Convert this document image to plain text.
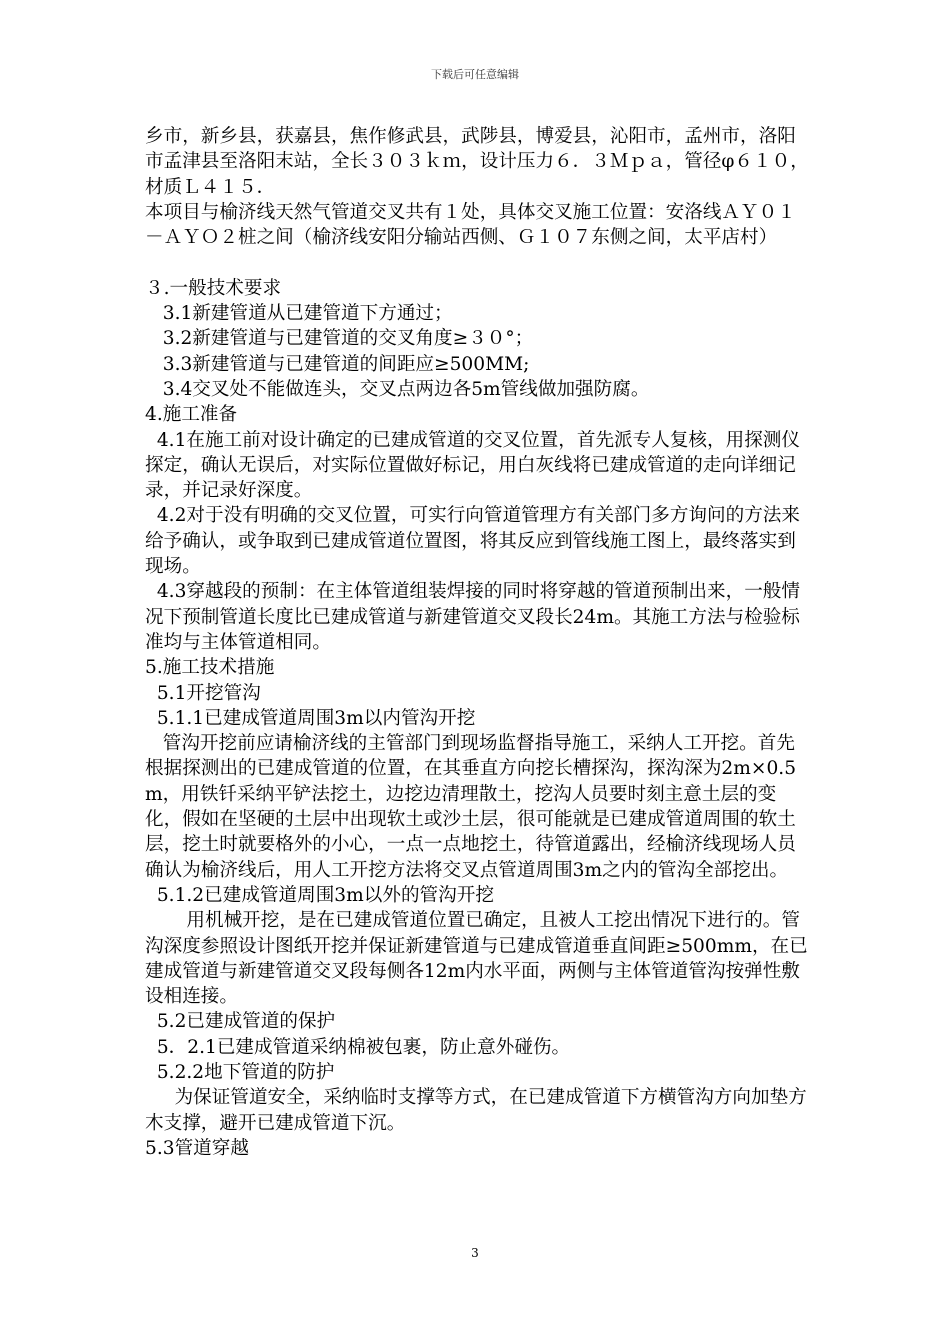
下载后可任意编辑

乡市，新乡县，获嘉县，焦作修武县，武陟县，博爱县，沁阳市，孟州市，洛阳市孟津县至洛阳末站，全长３０３ｋｍ，设计压力６．３Ｍｐａ，管径φ６１０，材质Ｌ４１５．

本项目与榆济线天然气管道交叉共有１处，具体交叉施工位置：安洛线ＡＹ０１－ＡＹＯ２桩之间（榆济线安阳分输站西侧、Ｇ１０７东侧之间，太平店村）

３.一般技术要求

3.1新建管道从已建管道下方通过；

3.2新建管道与已建管道的交叉角度≥３０°；

3.3新建管道与已建管道的间距应≥500MM;

3.4交叉处不能做连头，交叉点两边各5m管线做加强防腐。

4.施工准备

4.1在施工前对设计确定的已建成管道的交叉位置，首先派专人复核，用探测仪探定，确认无误后，对实际位置做好标记，用白灰线将已建成管道的走向详细记录，并记录好深度。

4.2对于没有明确的交叉位置，可实行向管道管理方有关部门多方询问的方法来给予确认，或争取到已建成管道位置图，将其反应到管线施工图上，最终落实到现场。

4.3穿越段的预制：在主体管道组装焊接的同时将穿越的管道预制出来，一般情况下预制管道长度比已建成管道与新建管道交叉段长24m。其施工方法与检验标准均与主体管道相同。

5.施工技术措施

5.1开挖管沟

5.1.1已建成管道周围3m以内管沟开挖

管沟开挖前应请榆济线的主管部门到现场监督指导施工，采纳人工开挖。首先根据探测出的已建成管道的位置，在其垂直方向挖长槽探沟，探沟深为2m×0.5m，用铁钎采纳平铲法挖土，边挖边清理散土，挖沟人员要时刻主意土层的变化，假如在坚硬的土层中出现软土或沙土层，很可能就是已建成管道周围的软土层，挖土时就要格外的小心，一点一点地挖土，待管道露出，经榆济线现场人员确认为榆济线后，用人工开挖方法将交叉点管道周围3m之内的管沟全部挖出。

5.1.2已建成管道周围3m以外的管沟开挖

用机械开挖，是在已建成管道位置已确定，且被人工挖出情况下进行的。管沟深度参照设计图纸开挖并保证新建管道与已建成管道垂直间距≥500mm，在已建成管道与新建管道交叉段每侧各12m内水平面，两侧与主体管道管沟按弹性敷设相连接。

5.2已建成管道的保护

5．2.1已建成管道采纳棉被包裹，防止意外碰伤。

5.2.2地下管道的防护

为保证管道安全，采纳临时支撑等方式，在已建成管道下方横管沟方向加垫方木支撑，避开已建成管道下沉。

5.3管道穿越

3
